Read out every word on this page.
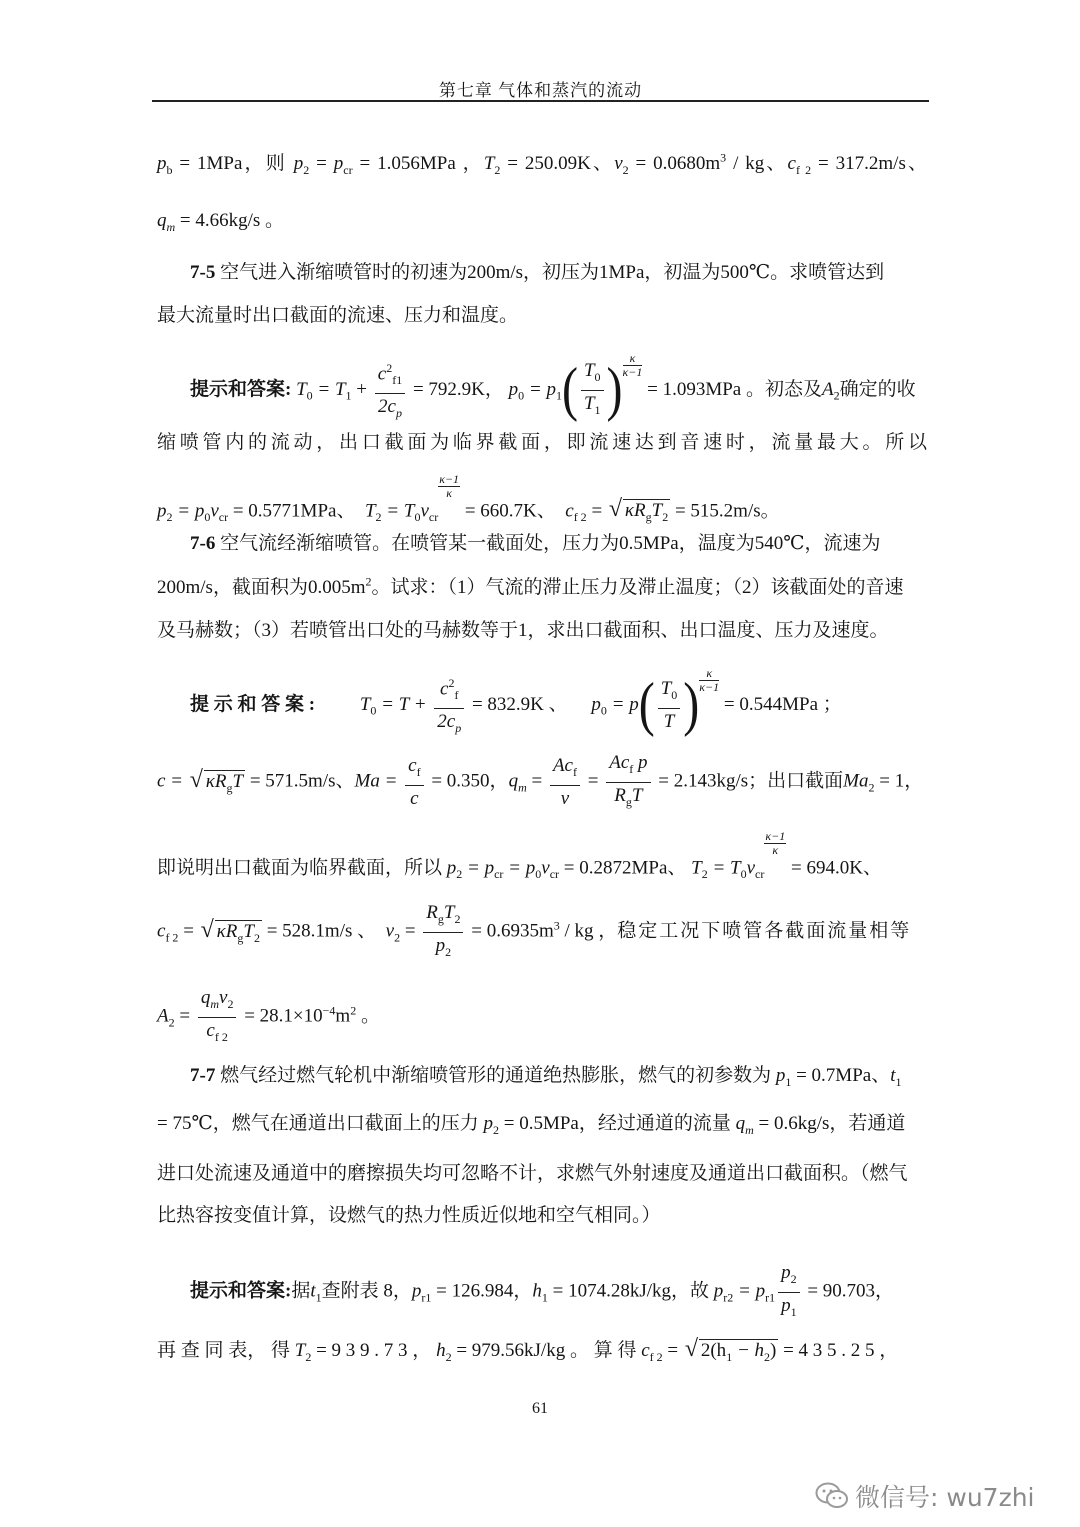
第七章 气体和蒸汽的流动
$p_b = 1MPa$，则 $p_2 = p_{cr} = 1.056MPa$ ，$T_2 = 250.09K$、$v_2 = 0.0680m^3$ / kg、$c_{f 2} = 317.2m/s$、
$q_m = 4.66kg/s$ 。
7-5 空气进入渐缩喷管时的初速为200m/s，初压为1MPa，初温为500℃。求喷管达到
最大流量时出口截面的流速、压力和温度。
提示和答案: $T_0 = T_1 + \frac{c^2_{f1}}{2c_p} = 792.9K$， $p_0 = p_1( \frac{T_0}{T_1}$ ) $\frac{\kappa}{\kappa-1}$
= 1.093MPa 。初态及$A_2$确定的收
缩喷管内的流动，出口截面为临界截面，即流速达到音速时，流量最大。所以
$p_2 = p_0\nu_{cr} = 0.5771MPa$、 $T_2 = T_0\nu_{cr}$
$\frac{\kappa-1}{\kappa}$
= 660.7K、 $c_{f 2}$ = √ $\kappa R_gT_2 = 515.2m/s$。
7-6 空气流经渐缩喷管。在喷管某一截面处，压力为0.5MPa，温度为540℃，流速为
200m/s，截面积为$0.005m^2$。试求：（1）气流的滞止压力及滞止温度；（2）该截面处的音速
及马赫数；（3）若喷管出口处的马赫数等于1，求出口截面积、出口温度、压力及速度。
提 示 和 答 案 : $T_0 = T + \frac{c^2_f}{2c_p} = 832.9K$ 、 $p_0 = p( \frac{T_0}{T}$ ) $\frac{\kappa}{\kappa-1}$
= 0.544MPa ；
c = √ $\kappa R_gT = 571.5m/s$、$Ma = \frac{c_f}{c} = 0.350$，$q_m = \frac{Ac_f}{v} = \frac{Ac_f p}{R_gT} = 2.143kg/s$；出口截面$Ma_2 = 1$，
即说明出口截面为临界截面，所以 $p_2 = p_{cr} = p_0\nu_{cr} = 0.2872MPa$、 $T_2 = T_0\nu_{cr}$
$\frac{\kappa-1}{\kappa}$
= 694.0K、
$c_{f 2}$ = √ $\kappa R_gT_2 = 528.1m/s$ 、 $v_2 = \frac{R_gT_2}{p_2} = 0.6935m^3$ / kg ，稳定工况下喷管各截面流量相等
$A_2 = \frac{q_mv_2}{c_{f 2}} = 28.1\times 10^{-4}m^2$ 。
7-7 燃气经过燃气轮机中渐缩喷管形的通道绝热膨胀，燃气的初参数为 $p_1 = 0.7MPa$、$t_1$
= 75℃，燃气在通道出口截面上的压力 $p_2 = 0.5MPa$，经过通道的流量 $q_m = 0.6kg/s$，若通道
进口处流速及通道中的磨擦损失均可忽略不计，求燃气外射速度及通道出口截面积。（燃气
比热容按变值计算，设燃气的热力性质近似地和空气相同。）
提示和答案:据$t_1$查附表 8，$p_{r1} = 126.984$，$h_1 = 1074.28kJ/kg$，故 $p_{r2} = p_{r1} \frac{p_2}{p_1} = 90.703$，
再 查 同 表， 得 $T_2 = 9$ 3 9 . 7 3 ， $h_2 = 979.56kJ/kg$ 。 算 得 $c_{f 2}$ = √ $2(h_1 - h_2) = 4$ 3 5 . 2 5 ，
61
微信号: wu7zhi
